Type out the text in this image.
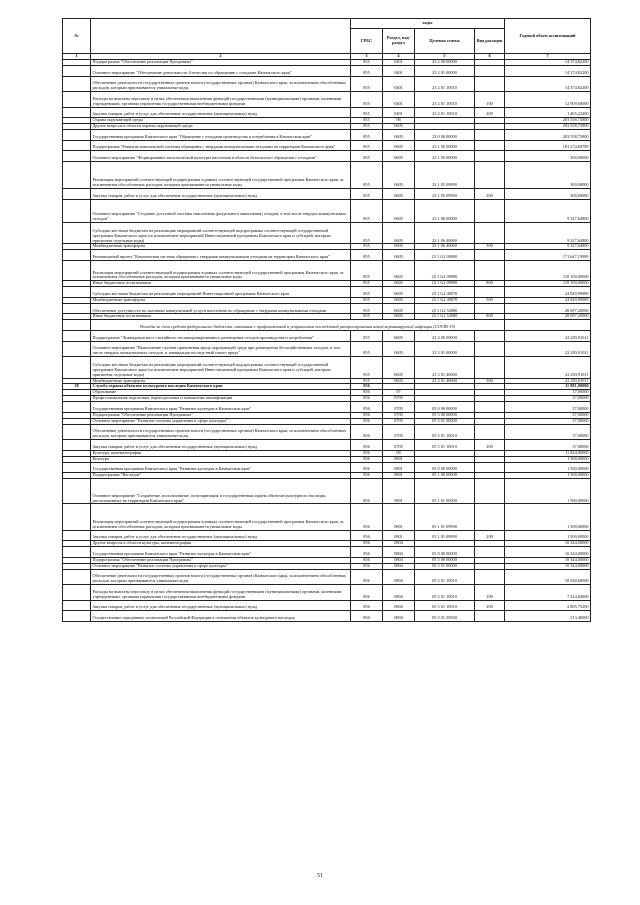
№		коды				Годовой объем ассигнований
		ГРБС	Раздел, под-раздел	Целевая статья	Вид расходов	
1	2	3	4	5	6	7
	Подпрограмма "Обеспечение реализации Программы"	855	0401	23 2 00 00000		14 374,82200
	Основное мероприятие "Обеспечение деятельности Агентства по обращению с отходами Камчатского края"	855	0401	23 2 01 00000		14 374,82200
	Обеспечение деятельности государственных органов власти (государственных органов) Камчатского края, за исключением обособленных расходов, которым присваиваются уникальные коды	855	0401	23 2 01 10010		14 374,82200
	Расходы на выплаты персоналу в целях обеспечения выполнения функций государственными (муниципальными) органами, казенными учреждениями, органами управления государственными внебюджетными фондами	855	0401	23 2 01 10010	100	12 909,60000
	Закупка товаров, работ и услуг для обеспечения государственных (муниципальных) нужд	855	0401	23 2 01 10010	200	1 465,22200
	Охрана окружающей среды	855	06			203 558,75800
	Другие вопросы в области охраны окружающей среды	855	0605			203 558,75800
	Государственная программа Камчатского края "Обращение с отходами производства и потребления в Камчатском крае"	855	0605	23 0 00 00000		203 558,75800
	Подпрограмма "Развитие комплексной системы обращения с твердыми коммунальными отходами на территории Камчатского края"	855	0605	23 1 00 00000		181 274,84789
	Основное мероприятие "Формирование экологической культуры населения в области безопасного обращения с отходами"	855	0605	23 1 05 00000		300,00000
	Реализация мероприятий соответствующей подпрограммы в рамках соответствующей государственной программы Камчатского края, за исключением обособленных расходов, которым присваиваются уникальные коды	855	0605	23 1 05 09990		300,00000
	Закупка товаров, работ и услуг для обеспечения государственных (муниципальных) нужд	855	0605	23 1 05 09990	200	300,00000
	Основное мероприятие "Создание доступной системы накопления (раздельного накопления) отходов, в том числе твердых коммунальных отходов"	855	0605	23 1 06 00000		9 327,64800
	Субсидии местным бюджетам на реализацию мероприятий соответствующей подпрограммы соответствующей государственной программы Камчатского края (за исключением мероприятий Инвестиционной программы Камчатского края и субсидий, которым присвоены отдельные коды)	855	0605	23 1 06 40060		9 327,64800
	Межбюджетные трансферты	855	0605	23 1 06 40060	500	9 327,64800
	Региональный проект "Комплексная система обращения с твердыми коммунальными отходами на территории Камчатского края"	855	0605	23 1 G2 00000		171 647,19989
	Реализация мероприятий соответствующей подпрограммы в рамках соответствующей государственной программы Камчатского края, за исключением обособленных расходов, которым присваиваются уникальные коды	855	0605	23 1 G2 09990		118 100,00000
	Иные бюджетные ассигнования	855	0605	23 1 G2 09990	800	118 100,00000
	Субсидии местным бюджетам на реализацию мероприятий Инвестиционной программы Камчатского края	855	0605	23 1 G2 40070		24 849,99989
	Межбюджетные трансферты	855	0605	23 1 G2 40070	500	24 849,99989
	Обеспечение доступности по оказанию коммунальной услуги населению по обращению с твердыми коммунальными отходами	855	0605	23 1 G2 52680		28 697,20000
	Иные бюджетные ассигнования	855	0605	23 1 G2 52680	800	28 697,20000
	Расходы за счет средств федерального бюджета, связанные с профилактикой и устранением последствий распространения новой коронавирусной инфекции (COVID-19)					
	Подпрограмма "Ликвидация мест стихийного несанкционированного размещения отходов производства и потребления"	855	0605	23 3 00 00000		22 283,91011
	Основное мероприятие "Выполнение случаев причинения вреда окружающей среде при размещении бесхозяйственных отходов, в том числе твердых коммунальных отходов, и ликвидация последствий такого вреда"	855	0605	23 3 01 00000		22 283,91011
	Субсидии местным бюджетам на реализацию мероприятий соответствующей подпрограммы соответствующей государственной программы Камчатского края (за исключением мероприятий Инвестиционной программы Камчатского края и субсидий, которым присвоены отдельные коды)	855	0605	23 3 01 40060		22 283,91011
	Межбюджетные трансферты	855	0605	23 3 01 40060	500	22 283,91011
38	Служба охраны объектов культурного наследия Камчатского края	856				11 881,00000
	Образование	856	07			37,00000
	Профессиональная подготовка, переподготовка и повышение квалификации	856	0705			37,00000
	Государственная программа Камчатского края "Развитие культуры в Камчатском крае"	856	0705	05 0 00 00000		37,00000
	Подпрограмма "Обеспечение реализации Программы"	856	0705	05 5 00 00000		37,00000
	Основное мероприятие "Развитие системы управления в сфере культуры"	856	0705	05 5 01 00000		37,00000
	Обеспечение деятельности государственных органов власти (государственных органов) Камчатского края, за исключением обособленных расходов, которым присваиваются уникальные коды	856	0705	05 5 01 10010		37,00000
	Закупка товаров, работ и услуг для обеспечения государственных (муниципальных) нужд	856	0705	05 5 01 10010	200	37,00000
	Культура, кинематография	856	08			11 844,00000
	Культура	856	0801			1 500,00000
	Государственная программа Камчатского края "Развитие культуры в Камчатском крае"	856	0801	05 0 00 00000		1 500,00000
	Подпрограмма "Наследие"	856	0801	05 1 00 00000		1 500,00000
	Основное мероприятие "Сохранение, использование, популяризация и государственная охрана объектов культурного наследия, расположенных на территории Камчатского края"	856	0801	05 1 01 00000		1 500,00000
	Реализация мероприятий соответствующей подпрограммы в рамках соответствующей государственной программы Камчатского края, за исключением обособленных расходов, которым присваиваются уникальные коды	856	0801	05 1 01 09990		1 500,00000
	Закупка товаров, работ и услуг для обеспечения государственных (муниципальных) нужд	856	0801	05 1 01 09990	200	1 500,00000
	Другие вопросы в области культуры, кинематографии	856	0804			10 344,00000
	Государственная программа Камчатского края "Развитие культуры в Камчатском крае"	856	0804	05 0 00 00000		10 344,00000
	Подпрограмма "Обеспечение реализации Программы"	856	0804	05 5 00 00000		10 344,00000
	Основное мероприятие "Развитие системы управления в сфере культуры"	856	0804	05 5 01 00000		10 344,00000
	Обеспечение деятельности государственных органов власти (государственных органов) Камчатского края, за исключением обособленных расходов, которым присваиваются уникальные коды	856	0804	05 5 01 10010		10 030,60000
	Расходы на выплаты персоналу в целях обеспечения выполнения функций государственными (муниципальными) органами, казенными учреждениями, органами управления государственными внебюджетными фондами	856	0804	05 5 01 10010	100	7 224,84800
	Закупка товаров, работ и услуг для обеспечения государственных (муниципальных) нужд	856	0804	05 5 01 10010	200	2 805,75200
	Осуществление переданных полномочий Российской Федерации в отношении объектов культурного наследия	856	0804	05 5 01 59500		313,40000
51
